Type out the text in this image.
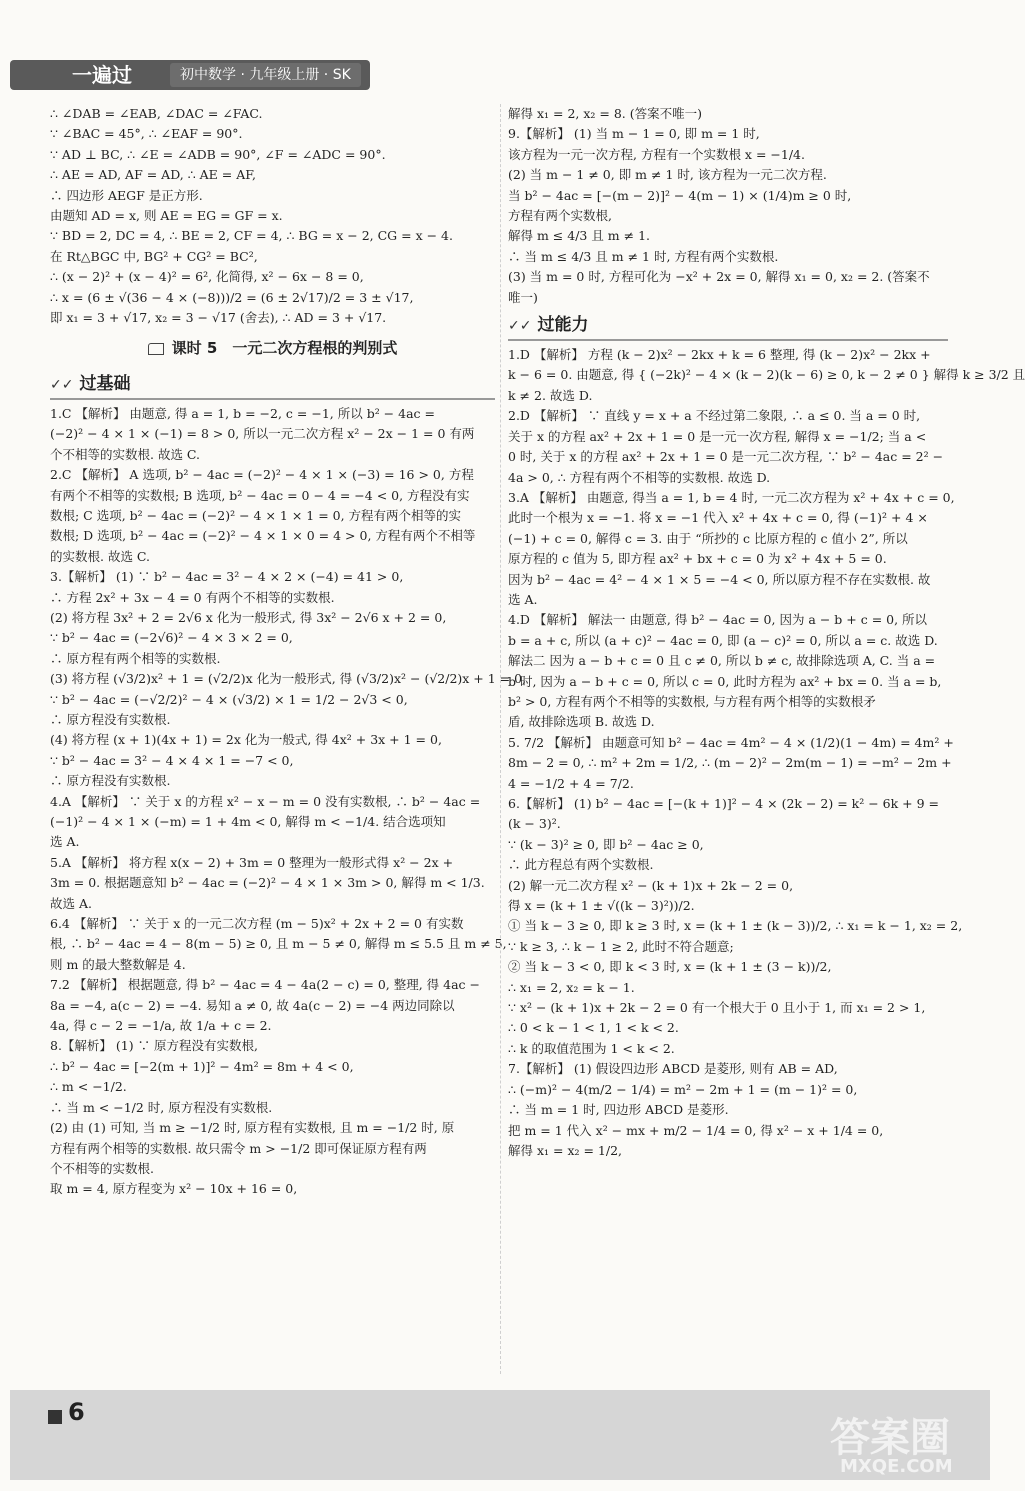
一遍过	初中数学 · 九年级上册 · SK
∴ ∠DAB = ∠EAB, ∠DAC = ∠FAC.
∵ ∠BAC = 45°, ∴ ∠EAF = 90°.
∵ AD ⊥ BC, ∴ ∠E = ∠ADB = 90°, ∠F = ∠ADC = 90°.
∴ AE = AD, AF = AD, ∴ AE = AF,
∴ 四边形 AEGF 是正方形.
由题知 AD = x, 则 AE = EG = GF = x.
∵ BD = 2, DC = 4, ∴ BE = 2, CF = 4, ∴ BG = x − 2, CG = x − 4.
在 Rt△BGC 中, BG² + CG² = BC²,
∴ (x − 2)² + (x − 4)² = 6², 化简得, x² − 6x − 8 = 0,
∴ x = (6 ± √(36 − 4 × (−8)))/2 = (6 ± 2√17)/2 = 3 ± √17,
即 x₁ = 3 + √17, x₂ = 3 − √17 (舍去), ∴ AD = 3 + √17.
课时 5　一元二次方程根的判别式
✓✓ 过基础
1.C 【解析】 由题意, 得 a = 1, b = −2, c = −1, 所以 b² − 4ac =
(−2)² − 4 × 1 × (−1) = 8 > 0, 所以一元二次方程 x² − 2x − 1 = 0 有两
个不相等的实数根. 故选 C.
2.C 【解析】 A 选项, b² − 4ac = (−2)² − 4 × 1 × (−3) = 16 > 0, 方程
有两个不相等的实数根; B 选项, b² − 4ac = 0 − 4 = −4 < 0, 方程没有实
数根; C 选项, b² − 4ac = (−2)² − 4 × 1 × 1 = 0, 方程有两个相等的实
数根; D 选项, b² − 4ac = (−2)² − 4 × 1 × 0 = 4 > 0, 方程有两个不相等
的实数根. 故选 C.
3.【解析】 (1) ∵ b² − 4ac = 3² − 4 × 2 × (−4) = 41 > 0,
∴ 方程 2x² + 3x − 4 = 0 有两个不相等的实数根.
(2) 将方程 3x² + 2 = 2√6 x 化为一般形式, 得 3x² − 2√6 x + 2 = 0,
∵ b² − 4ac = (−2√6)² − 4 × 3 × 2 = 0,
∴ 原方程有两个相等的实数根.
(3) 将方程 (√3/2)x² + 1 = (√2/2)x 化为一般形式, 得 (√3/2)x² − (√2/2)x + 1 = 0,
∵ b² − 4ac = (−√2/2)² − 4 × (√3/2) × 1 = 1/2 − 2√3 < 0,
∴ 原方程没有实数根.
(4) 将方程 (x + 1)(4x + 1) = 2x 化为一般式, 得 4x² + 3x + 1 = 0,
∵ b² − 4ac = 3² − 4 × 4 × 1 = −7 < 0,
∴ 原方程没有实数根.
4.A 【解析】 ∵ 关于 x 的方程 x² − x − m = 0 没有实数根, ∴ b² − 4ac =
(−1)² − 4 × 1 × (−m) = 1 + 4m < 0, 解得 m < −1/4. 结合选项知
选 A.
5.A 【解析】 将方程 x(x − 2) + 3m = 0 整理为一般形式得 x² − 2x +
3m = 0. 根据题意知 b² − 4ac = (−2)² − 4 × 1 × 3m > 0, 解得 m < 1/3.
故选 A.
6.4 【解析】 ∵ 关于 x 的一元二次方程 (m − 5)x² + 2x + 2 = 0 有实数
根, ∴ b² − 4ac = 4 − 8(m − 5) ≥ 0, 且 m − 5 ≠ 0, 解得 m ≤ 5.5 且 m ≠ 5,
则 m 的最大整数解是 4.
7.2 【解析】 根据题意, 得 b² − 4ac = 4 − 4a(2 − c) = 0, 整理, 得 4ac −
8a = −4, a(c − 2) = −4. 易知 a ≠ 0, 故 4a(c − 2) = −4 两边同除以
4a, 得 c − 2 = −1/a, 故 1/a + c = 2.
8.【解析】 (1) ∵ 原方程没有实数根,
∴ b² − 4ac = [−2(m + 1)]² − 4m² = 8m + 4 < 0,
∴ m < −1/2.
∴ 当 m < −1/2 时, 原方程没有实数根.
(2) 由 (1) 可知, 当 m ≥ −1/2 时, 原方程有实数根, 且 m = −1/2 时, 原
方程有两个相等的实数根. 故只需令 m > −1/2 即可保证原方程有两
个不相等的实数根.
取 m = 4, 原方程变为 x² − 10x + 16 = 0,
解得 x₁ = 2, x₂ = 8. (答案不唯一)
9.【解析】 (1) 当 m − 1 = 0, 即 m = 1 时,
该方程为一元一次方程, 方程有一个实数根 x = −1/4.
(2) 当 m − 1 ≠ 0, 即 m ≠ 1 时, 该方程为一元二次方程.
当 b² − 4ac = [−(m − 2)]² − 4(m − 1) × (1/4)m ≥ 0 时,
方程有两个实数根,
解得 m ≤ 4/3 且 m ≠ 1.
∴ 当 m ≤ 4/3 且 m ≠ 1 时, 方程有两个实数根.
(3) 当 m = 0 时, 方程可化为 −x² + 2x = 0, 解得 x₁ = 0, x₂ = 2. (答案不
唯一)
✓✓ 过能力
1.D 【解析】 方程 (k − 2)x² − 2kx + k = 6 整理, 得 (k − 2)x² − 2kx +
k − 6 = 0. 由题意, 得 { (−2k)² − 4 × (k − 2)(k − 6) ≥ 0, k − 2 ≠ 0 } 解得 k ≥ 3/2 且
k ≠ 2. 故选 D.
2.D 【解析】 ∵ 直线 y = x + a 不经过第二象限, ∴ a ≤ 0. 当 a = 0 时,
关于 x 的方程 ax² + 2x + 1 = 0 是一元一次方程, 解得 x = −1/2; 当 a <
0 时, 关于 x 的方程 ax² + 2x + 1 = 0 是一元二次方程, ∵ b² − 4ac = 2² −
4a > 0, ∴ 方程有两个不相等的实数根. 故选 D.
3.A 【解析】 由题意, 得当 a = 1, b = 4 时, 一元二次方程为 x² + 4x + c = 0,
此时一个根为 x = −1. 将 x = −1 代入 x² + 4x + c = 0, 得 (−1)² + 4 ×
(−1) + c = 0, 解得 c = 3. 由于 “所抄的 c 比原方程的 c 值小 2”, 所以
原方程的 c 值为 5, 即方程 ax² + bx + c = 0 为 x² + 4x + 5 = 0.
因为 b² − 4ac = 4² − 4 × 1 × 5 = −4 < 0, 所以原方程不存在实数根. 故
选 A.
4.D 【解析】 解法一 由题意, 得 b² − 4ac = 0, 因为 a − b + c = 0, 所以
b = a + c, 所以 (a + c)² − 4ac = 0, 即 (a − c)² = 0, 所以 a = c. 故选 D.
解法二 因为 a − b + c = 0 且 c ≠ 0, 所以 b ≠ c, 故排除选项 A, C. 当 a =
b 时, 因为 a − b + c = 0, 所以 c = 0, 此时方程为 ax² + bx = 0. 当 a = b,
b² > 0, 方程有两个不相等的实数根, 与方程有两个相等的实数根矛
盾, 故排除选项 B. 故选 D.
5. 7/2 【解析】 由题意可知 b² − 4ac = 4m² − 4 × (1/2)(1 − 4m) = 4m² +
8m − 2 = 0, ∴ m² + 2m = 1/2, ∴ (m − 2)² − 2m(m − 1) = −m² − 2m +
4 = −1/2 + 4 = 7/2.
6.【解析】 (1) b² − 4ac = [−(k + 1)]² − 4 × (2k − 2) = k² − 6k + 9 =
(k − 3)².
∵ (k − 3)² ≥ 0, 即 b² − 4ac ≥ 0,
∴ 此方程总有两个实数根.
(2) 解一元二次方程 x² − (k + 1)x + 2k − 2 = 0,
得 x = (k + 1 ± √((k − 3)²))/2.
① 当 k − 3 ≥ 0, 即 k ≥ 3 时, x = (k + 1 ± (k − 3))/2, ∴ x₁ = k − 1, x₂ = 2,
∵ k ≥ 3, ∴ k − 1 ≥ 2, 此时不符合题意;
② 当 k − 3 < 0, 即 k < 3 时, x = (k + 1 ± (3 − k))/2,
∴ x₁ = 2, x₂ = k − 1.
∵ x² − (k + 1)x + 2k − 2 = 0 有一个根大于 0 且小于 1, 而 x₁ = 2 > 1,
∴ 0 < k − 1 < 1, 1 < k < 2.
∴ k 的取值范围为 1 < k < 2.
7.【解析】 (1) 假设四边形 ABCD 是菱形, 则有 AB = AD,
∴ (−m)² − 4(m/2 − 1/4) = m² − 2m + 1 = (m − 1)² = 0,
∴ 当 m = 1 时, 四边形 ABCD 是菱形.
把 m = 1 代入 x² − mx + m/2 − 1/4 = 0, 得 x² − x + 1/4 = 0,
解得 x₁ = x₂ = 1/2,
6
答案圈
MXQE.COM
